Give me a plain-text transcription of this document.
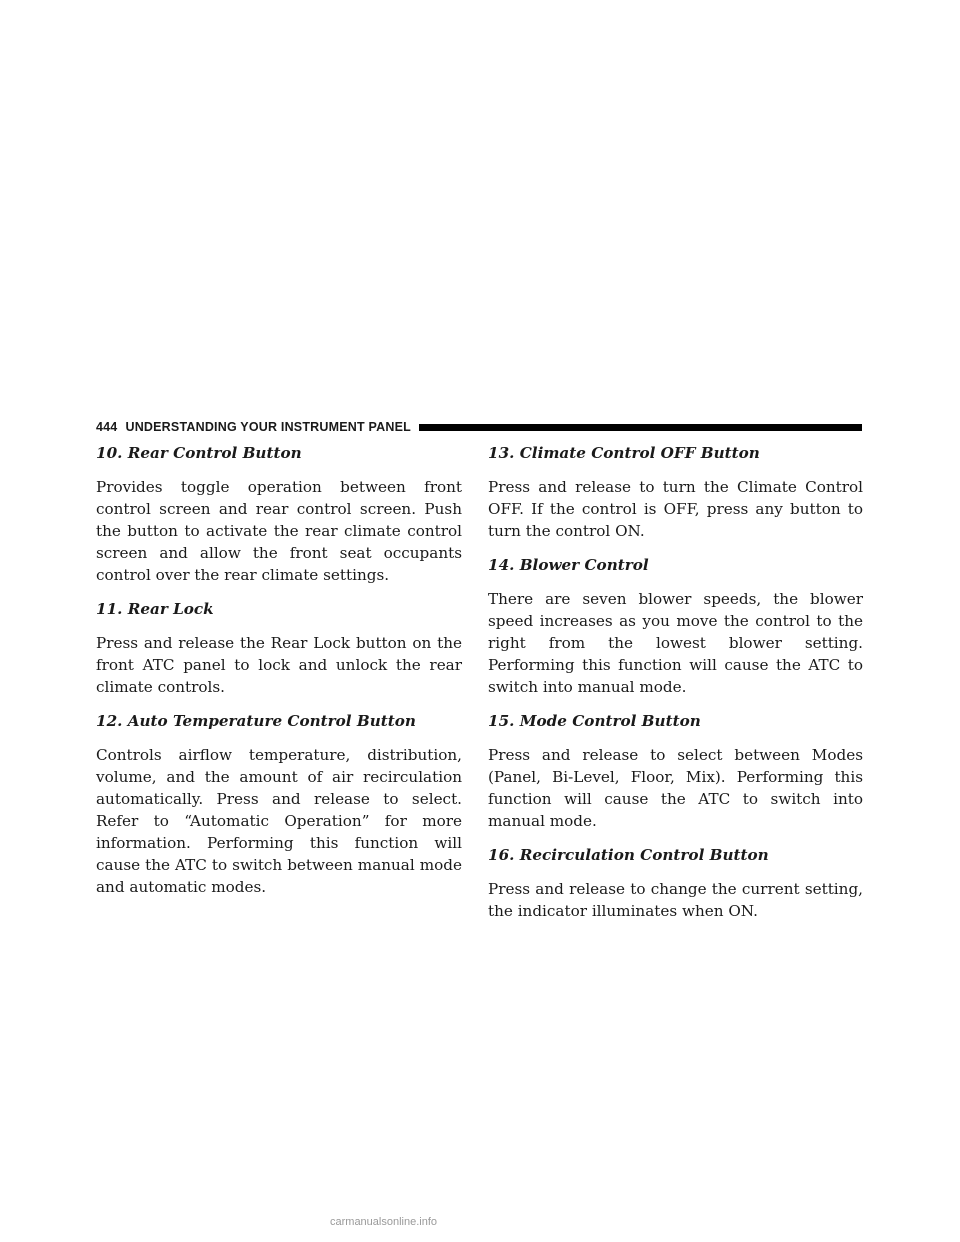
444 UNDERSTANDING YOUR INSTRUMENT PANEL

10. Rear Control Button

Provides toggle operation between front control screen and rear control screen. Push the button to activate the rear climate control screen and allow the front seat occupants control over the rear climate settings.

11. Rear Lock

Press and release the Rear Lock button on the front ATC panel to lock and unlock the rear climate controls.

12. Auto Temperature Control Button

Controls airflow temperature, distribution, volume, and the amount of air recirculation automatically. Press and release to select. Refer to “Automatic Operation” for more information. Performing this function will cause the ATC to switch between manual mode and automatic modes.

13. Climate Control OFF Button

Press and release to turn the Climate Control OFF. If the control is OFF, press any button to turn the control ON.

14. Blower Control

There are seven blower speeds, the blower speed increases as you move the control to the right from the lowest blower setting. Performing this function will cause the ATC to switch into manual mode.

15. Mode Control Button

Press and release to select between Modes (Panel, Bi-Level, Floor, Mix). Performing this function will cause the ATC to switch into manual mode.

16. Recirculation Control Button

Press and release to change the current setting, the indicator illuminates when ON.

carmanualsonline.info
